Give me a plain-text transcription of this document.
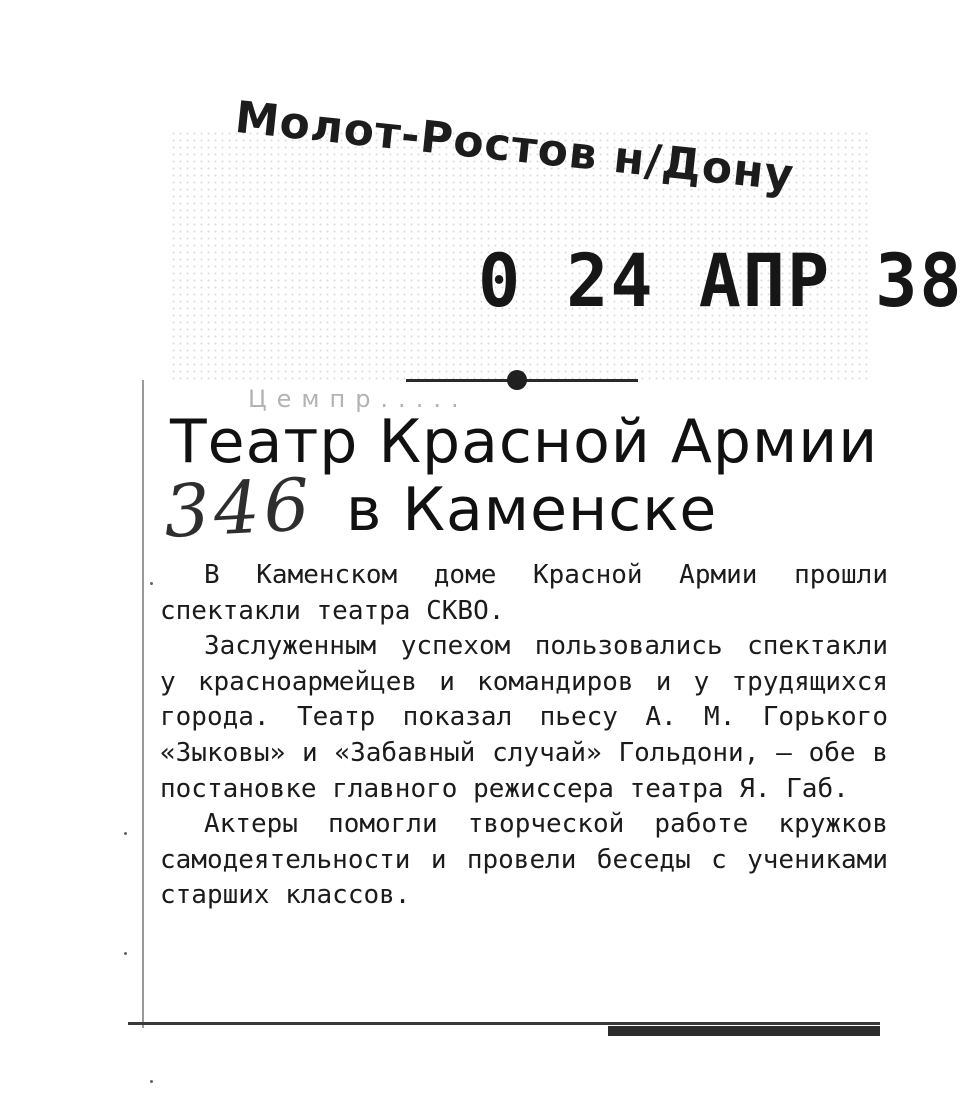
Молот-Ростов н/Дону
0 24 АПР 38
Цемпр.....
Театр Красной Армии
в Каменске
346

В Каменском доме Красной Армии прошли спектакли театра СКВО.

Заслуженным успехом пользовались спектакли у красноармейцев и командиров и у трудящихся города. Театр показал пьесу А. М. Горького «Зыковы» и «Забавный случай» Гольдони, — обе в постановке главного режиссера театра Я. Габ.

Актеры помогли творческой работе кружков самодеятельности и провели беседы с учениками старших классов.
